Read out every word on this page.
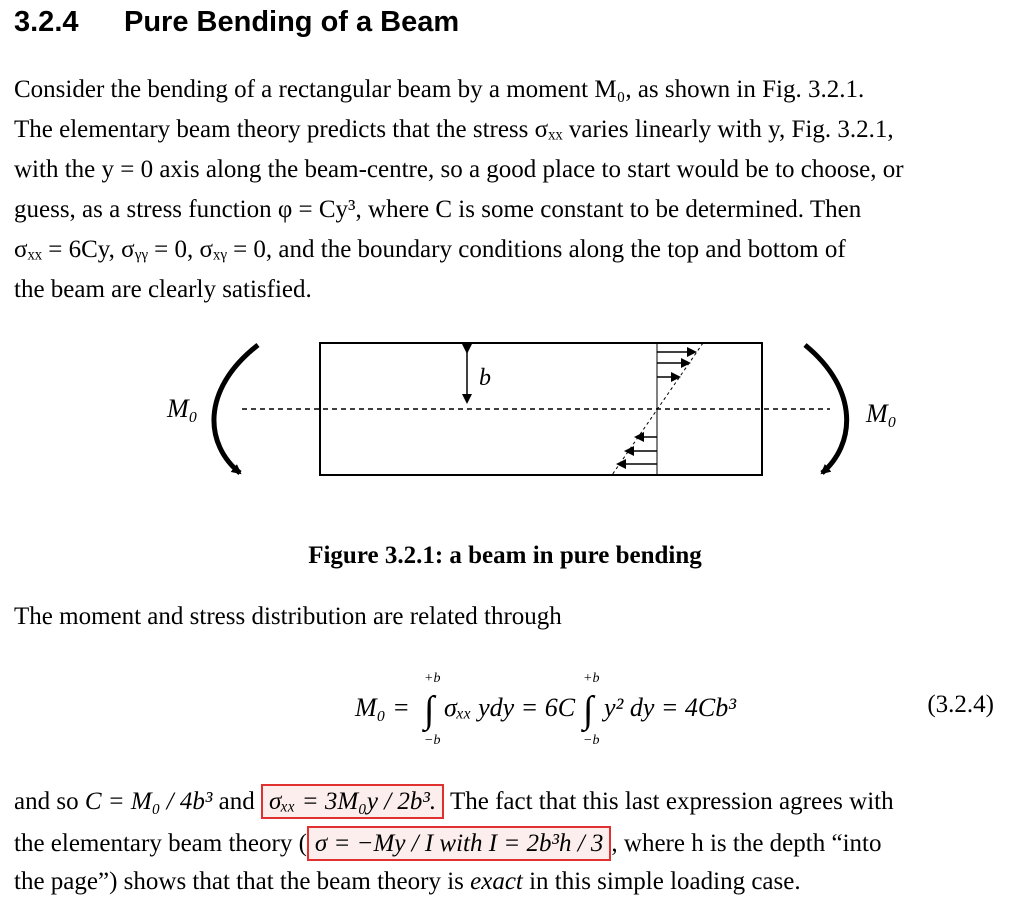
3.2.4 Pure Bending of a Beam
Consider the bending of a rectangular beam by a moment M₀, as shown in Fig. 3.2.1.
The elementary beam theory predicts that the stress σₓₓ varies linearly with y, Fig. 3.2.1,
with the y = 0 axis along the beam-centre, so a good place to start would be to choose, or
guess, as a stress function φ = Cy³, where C is some constant to be determined. Then
σₓₓ = 6Cy, σᵧᵧ = 0, σₓᵧ = 0, and the boundary conditions along the top and bottom of
the beam are clearly satisfied.
b
M₀	M₀
Figure 3.2.1: a beam in pure bending
The moment and stress distribution are related through
M₀ = ∫
+b
−b
σₓₓ ydy = 6C ∫
+b
−b
y² dy = 4Cb³	(3.2.4)
and so C = M₀ / 4b³ and σₓₓ = 3M₀y / 2b³. The fact that this last expression agrees with
the elementary beam theory ( σ = −My / I with I = 2b³h / 3 , where h is the depth “into
the page”) shows that that the beam theory is exact in this simple loading case.
